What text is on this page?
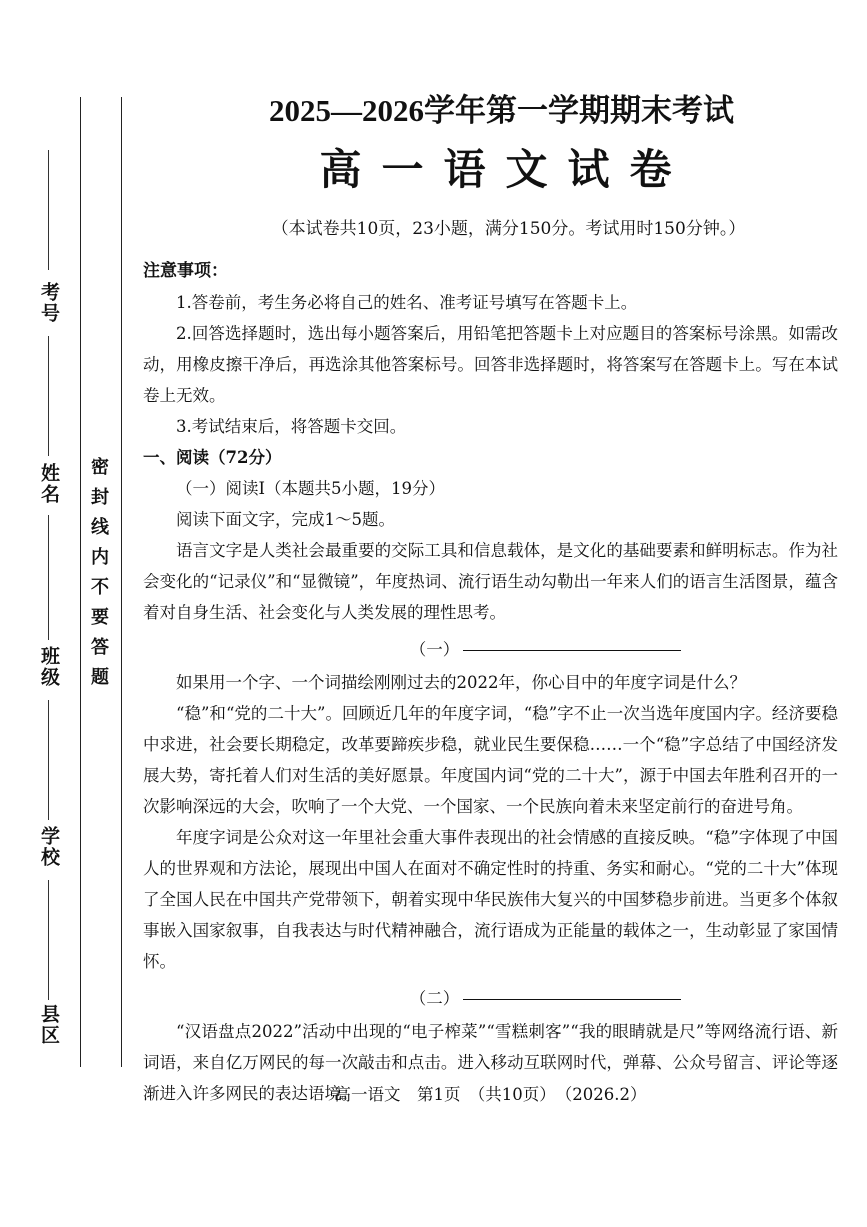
考号
姓名
班级
学校
县区
密封线内不要答题
2025—2026学年第一学期期末考试
高一语文试卷
（本试卷共10页，23小题，满分150分。考试用时150分钟。）
注意事项：

1.答卷前，考生务必将自己的姓名、准考证号填写在答题卡上。

2.回答选择题时，选出每小题答案后，用铅笔把答题卡上对应题目的答案标号涂黑。如需改动，用橡皮擦干净后，再选涂其他答案标号。回答非选择题时，将答案写在答题卡上。写在本试卷上无效。

3.考试结束后，将答题卡交回。

一、阅读（72分）

（一）阅读Ⅰ（本题共5小题，19分）

阅读下面文字，完成1～5题。

语言文字是人类社会最重要的交际工具和信息载体，是文化的基础要素和鲜明标志。作为社会变化的“记录仪”和“显微镜”，年度热词、流行语生动勾勒出一年来人们的语言生活图景，蕴含着对自身生活、社会变化与人类发展的理性思考。

（一）

如果用一个字、一个词描绘刚刚过去的2022年，你心目中的年度字词是什么？

“稳”和“党的二十大”。回顾近几年的年度字词，“稳”字不止一次当选年度国内字。经济要稳中求进，社会要长期稳定，改革要蹄疾步稳，就业民生要保稳……一个“稳”字总结了中国经济发展大势，寄托着人们对生活的美好愿景。年度国内词“党的二十大”，源于中国去年胜利召开的一次影响深远的大会，吹响了一个大党、一个国家、一个民族向着未来坚定前行的奋进号角。

年度字词是公众对这一年里社会重大事件表现出的社会情感的直接反映。“稳”字体现了中国人的世界观和方法论，展现出中国人在面对不确定性时的持重、务实和耐心。“党的二十大”体现了全国人民在中国共产党带领下，朝着实现中华民族伟大复兴的中国梦稳步前进。当更多个体叙事嵌入国家叙事，自我表达与时代精神融合，流行语成为正能量的载体之一，生动彰显了家国情怀。

（二）

“汉语盘点2022”活动中出现的“电子榨菜”“雪糕刺客”“我的眼睛就是尺”等网络流行语、新词语，来自亿万网民的每一次敲击和点击。进入移动互联网时代，弹幕、公众号留言、评论等逐渐进入许多网民的表达语境。

高一语文　第1页　（共10页）　（2026.2）
